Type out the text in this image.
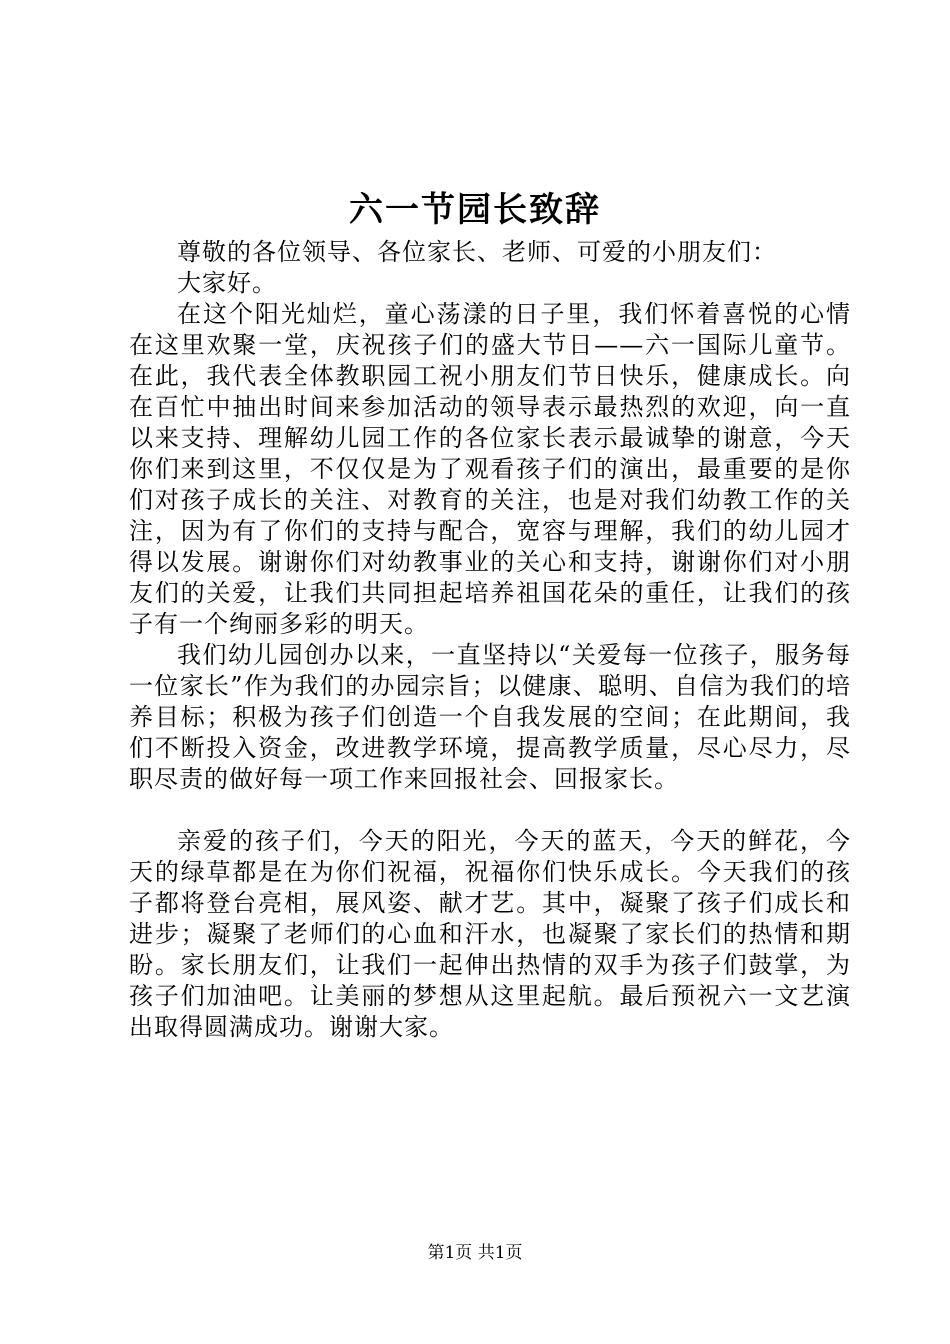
六一节园长致辞

尊敬的各位领导、各位家长、老师、可爱的小朋友们：

大家好。

在这个阳光灿烂，童心荡漾的日子里，我们怀着喜悦的心情在这里欢聚一堂，庆祝孩子们的盛大节日——六一国际儿童节。在此，我代表全体教职园工祝小朋友们节日快乐，健康成长。向在百忙中抽出时间来参加活动的领导表示最热烈的欢迎，向一直以来支持、理解幼儿园工作的各位家长表示最诚挚的谢意，今天你们来到这里，不仅仅是为了观看孩子们的演出，最重要的是你们对孩子成长的关注、对教育的关注，也是对我们幼教工作的关注，因为有了你们的支持与配合，宽容与理解，我们的幼儿园才得以发展。谢谢你们对幼教事业的关心和支持，谢谢你们对小朋友们的关爱，让我们共同担起培养祖国花朵的重任，让我们的孩子有一个绚丽多彩的明天。

我们幼儿园创办以来，一直坚持以“关爱每一位孩子，服务每一位家长”作为我们的办园宗旨；以健康、聪明、自信为我们的培养目标；积极为孩子们创造一个自我发展的空间；在此期间，我们不断投入资金，改进教学环境，提高教学质量，尽心尽力，尽职尽责的做好每一项工作来回报社会、回报家长。

亲爱的孩子们，今天的阳光，今天的蓝天，今天的鲜花，今天的绿草都是在为你们祝福，祝福你们快乐成长。今天我们的孩子都将登台亮相，展风姿、献才艺。其中，凝聚了孩子们成长和进步；凝聚了老师们的心血和汗水，也凝聚了家长们的热情和期盼。家长朋友们，让我们一起伸出热情的双手为孩子们鼓掌，为孩子们加油吧。让美丽的梦想从这里起航。最后预祝六一文艺演出取得圆满成功。谢谢大家。

第1页 共1页
